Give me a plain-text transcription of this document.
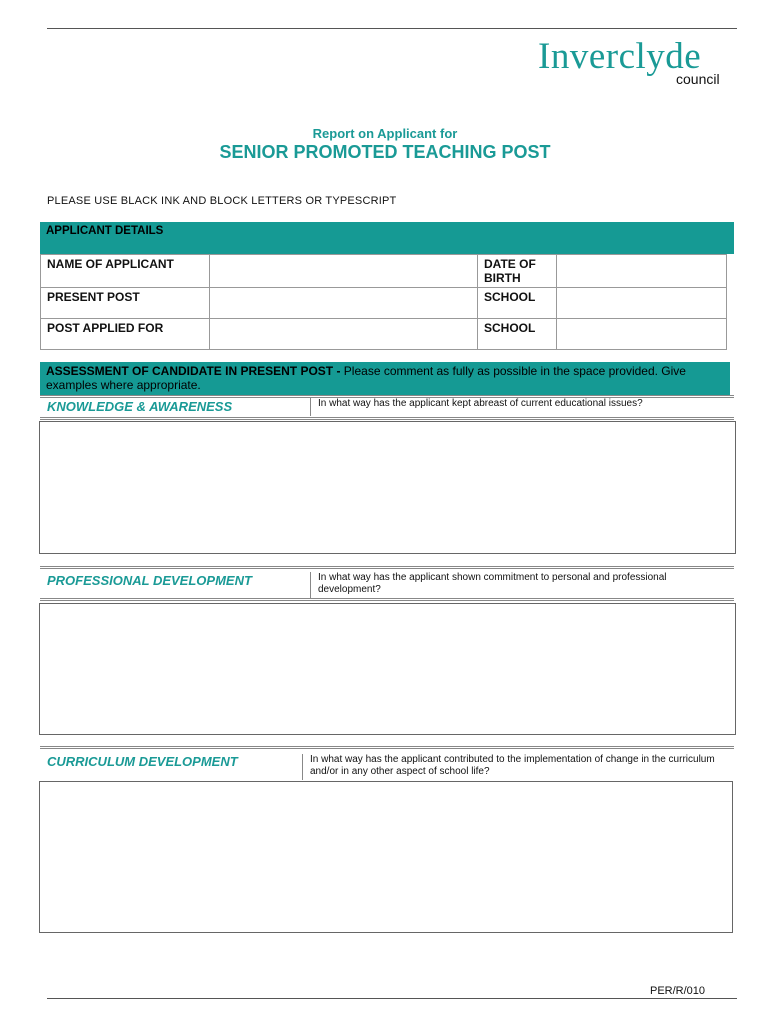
Inverclyde
council
Report on Applicant for
SENIOR PROMOTED TEACHING POST
PLEASE USE BLACK INK AND BLOCK LETTERS OR TYPESCRIPT
APPLICANT DETAILS
NAME OF APPLICANT		DATE OF BIRTH	
PRESENT POST		SCHOOL	
POST APPLIED FOR		SCHOOL	
ASSESSMENT OF CANDIDATE IN PRESENT POST - Please comment as fully as possible in the space provided. Give examples where appropriate.
KNOWLEDGE & AWARENESS	In what way has the applicant kept abreast of current educational issues?
PROFESSIONAL DEVELOPMENT	In what way has the applicant shown commitment to personal and professional development?
CURRICULUM DEVELOPMENT	In what way has the applicant contributed to the implementation of change in the curriculum and/or in any other aspect of school life?
PER/R/010
